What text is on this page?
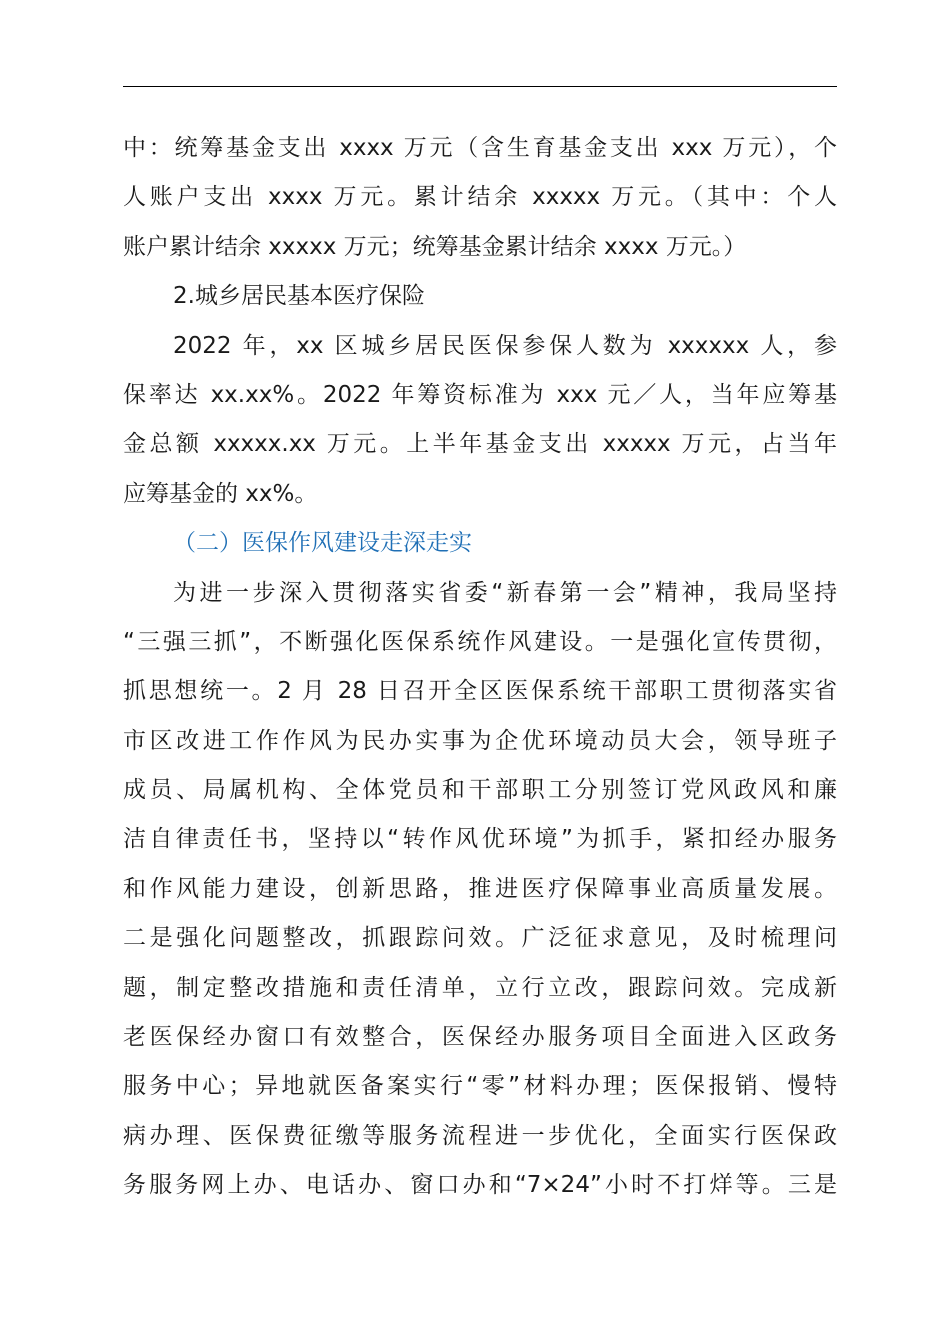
中：统筹基金支出 xxxx 万元（含生育基金支出 xxx 万元），个
人账户支出 xxxx 万元。累计结余 xxxxx 万元。（其中：个人
账户累计结余 xxxxx 万元；统筹基金累计结余 xxxx 万元。）
2.城乡居民基本医疗保险
2022 年，xx 区城乡居民医保参保人数为 xxxxxx 人，参
保率达 xx.xx%。2022 年筹资标准为 xxx 元／人，当年应筹基
金总额 xxxxx.xx 万元。上半年基金支出 xxxxx 万元，占当年
应筹基金的 xx%。
（二）医保作风建设走深走实
为进一步深入贯彻落实省委“新春第一会”精神，我局坚持
“三强三抓”，不断强化医保系统作风建设。一是强化宣传贯彻，
抓思想统一。2 月 28 日召开全区医保系统干部职工贯彻落实省
市区改进工作作风为民办实事为企优环境动员大会，领导班子
成员、局属机构、全体党员和干部职工分别签订党风政风和廉
洁自律责任书，坚持以“转作风优环境”为抓手，紧扣经办服务
和作风能力建设，创新思路，推进医疗保障事业高质量发展。
二是强化问题整改，抓跟踪问效。广泛征求意见，及时梳理问
题，制定整改措施和责任清单，立行立改，跟踪问效。完成新
老医保经办窗口有效整合，医保经办服务项目全面进入区政务
服务中心；异地就医备案实行“零”材料办理；医保报销、慢特
病办理、医保费征缴等服务流程进一步优化，全面实行医保政
务服务网上办、电话办、窗口办和“7×24”小时不打烊等。三是
